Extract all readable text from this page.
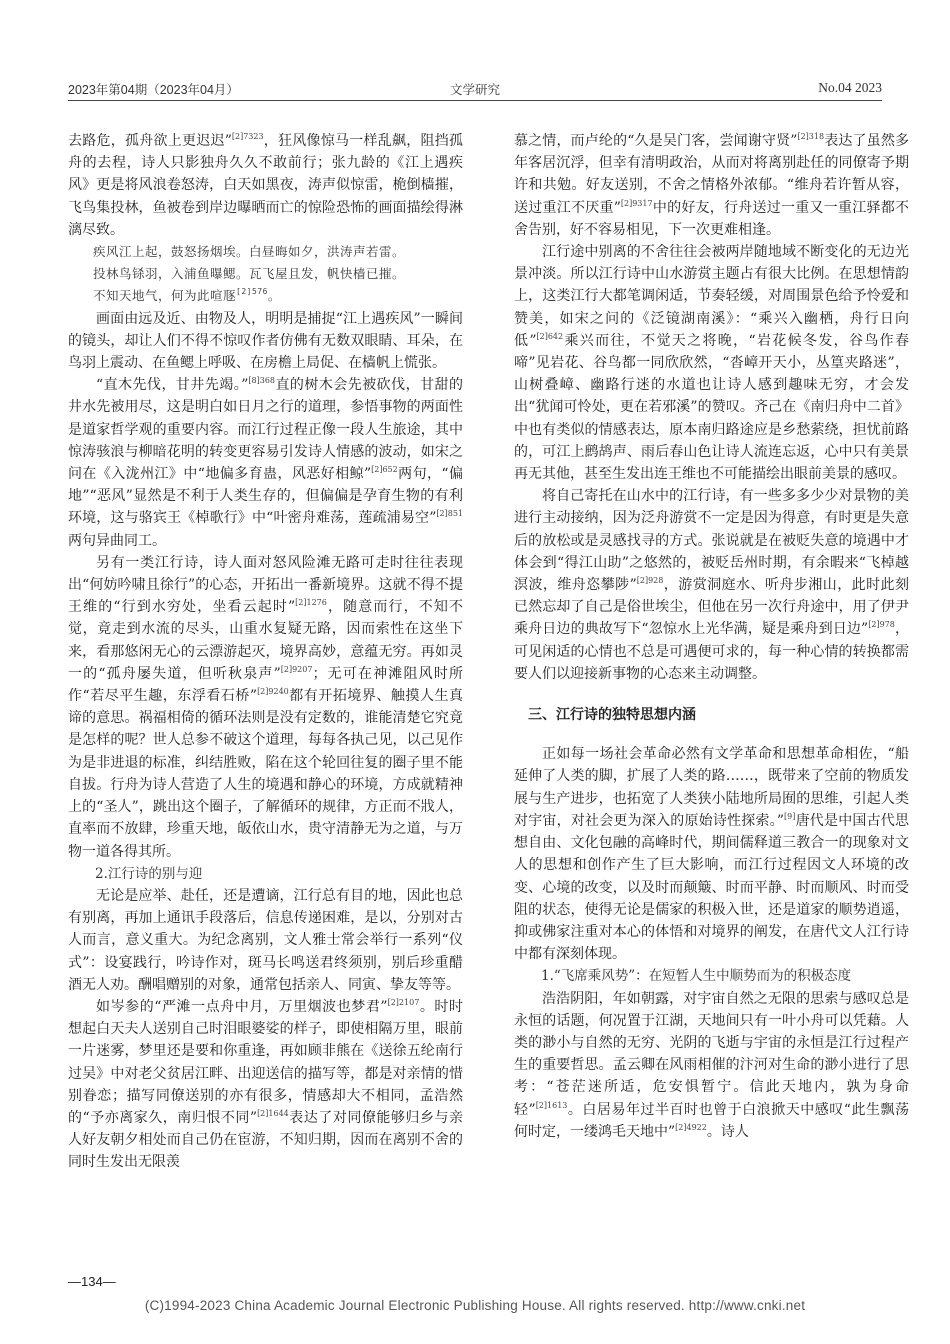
2023年第04期（2023年04月）	文学研究	No.04 2023

去路危，孤舟欲上更迟迟”$^{[2]7323}$，狂风像惊马一样乱飙，阻挡孤舟的去程，诗人只影独舟久久不敢前行；张九龄的《江上遇疾风》更是将风浪卷怒涛，白天如黑夜，涛声似惊雷，桅倒樯摧，飞鸟集投林，鱼被卷到岸边曝晒而亡的惊险恐怖的画面描绘得淋漓尽致。

疾风江上起，鼓怒扬烟埃。白昼晦如夕，洪涛声若雷。

投林鸟铩羽，入浦鱼曝鳃。瓦飞屋且发，帆快樯已摧。

不知天地气，何为此喧豗$^{[2]576}$。

画面由远及近、由物及人，明明是捕捉“江上遇疾风”一瞬间的镜头，却让人们不得不惊叹作者仿佛有无数双眼睛、耳朵，在鸟羽上震动、在鱼鳃上呼吸、在房檐上局促、在樯帆上慌张。

“直木先伐，甘井先竭。”$^{[8]368}$直的树木会先被砍伐，甘甜的井水先被用尽，这是明白如日月之行的道理，参悟事物的两面性是道家哲学观的重要内容。而江行过程正像一段人生旅途，其中惊涛骇浪与柳暗花明的转变更容易引发诗人情感的波动，如宋之问在《入泷州江》中“地偏多育蛊，风恶好相鲸”$^{[2]652}$两句，“偏地”“恶风”显然是不利于人类生存的，但偏偏是孕育生物的有利环境，这与骆宾王《棹歌行》中“叶密舟难荡，莲疏浦易空”$^{[2]851}$两句异曲同工。

另有一类江行诗，诗人面对怒风险滩无路可走时往往表现出“何妨吟啸且徐行”的心态，开拓出一番新境界。这就不得不提王维的“行到水穷处，坐看云起时”$^{[2]1276}$，随意而行，不知不觉，竟走到水流的尽头，山重水复疑无路，因而索性在这坐下来，看那悠闲无心的云漂游起灭，境界高妙，意蕴无穷。再如灵一的“孤舟屡失道，但听秋泉声”$^{[2]9207}$；无可在神滩阻风时所作“若尽平生趣，东浮看石桥”$^{[2]9240}$都有开拓境界、触摸人生真谛的意思。祸福相倚的循环法则是没有定数的，谁能清楚它究竟是怎样的呢？世人总参不破这个道理，每每各执己见，以己见作为是非进退的标准，纠结胜败，陷在这个轮回往复的圈子里不能自拔。行舟为诗人营造了人生的境遇和静心的环境，方成就精神上的“圣人”，跳出这个圈子，了解循环的规律，方正而不戕人，直率而不放肆，珍重天地，皈依山水，贵守清静无为之道，与万物一道各得其所。

2.江行诗的别与迎

无论是应举、赴任，还是遭谪，江行总有目的地，因此也总有别离，再加上通讯手段落后，信息传递困难，是以，分别对古人而言，意义重大。为纪念离别，文人雅士常会举行一系列“仪式”：设宴践行，吟诗作对，斑马长鸣送君终须别，别后珍重醋酒无人劝。酬唱赠别的对象，通常包括亲人、同寅、挚友等等。

如岑参的“严滩一点舟中月，万里烟波也梦君”$^{[2]2107}$。时时想起白天夫人送别自己时泪眼婆娑的样子，即使相隔万里，眼前一片迷雾，梦里还是要和你重逢，再如顾非熊在《送徐五纶南行过吴》中对老父贫居江畔、出迎送信的描写等，都是对亲情的惜别眷恋；描写同僚送别的亦有很多，情感却大不相同，孟浩然的“予亦离家久，南归恨不同”$^{[2]1644}$表达了对同僚能够归乡与亲人好友朝夕相处而自己仍在宦游，不知归期，因而在离别不舍的同时生发出无限羡

慕之情，而卢纶的“久是吴门客，尝闻谢守贤”$^{[2]318}$表达了虽然多年客居沉浮，但幸有清明政治，从而对将离别赴任的同僚寄予期许和共勉。好友送别，不舍之情格外浓郁。“维舟若许暂从容，送过重江不厌重”$^{[2]9317}$中的好友，行舟送过一重又一重江驿都不舍告别，好不容易相见，下一次更难相逢。

江行途中别离的不舍往往会被两岸随地域不断变化的无边光景冲淡。所以江行诗中山水游赏主题占有很大比例。在思想情韵上，这类江行大都笔调闲适，节奏轻缓，对周围景色给予怜爱和赞美，如宋之问的《泛镜湖南溪》：“乘兴入幽栖，舟行日向低”$^{[2]642}$乘兴而往，不觉天之将晚，“岩花候冬发，谷鸟作春啼”见岩花、谷鸟都一同欣欣然，“沓嶂开天小，丛篁夹路迷”，山树叠嶂、幽路行迷的水道也让诗人感到趣味无穷，才会发出“犹闻可怜处，更在若邪溪”的赞叹。齐己在《南归舟中二首》中也有类似的情感表达，原本南归路途应是乡愁萦绕，担忧前路的，可江上鹧鸪声、雨后春山色让诗人流连忘返，心中只有美景再无其他，甚至生发出连王维也不可能描绘出眼前美景的感叹。

将自己寄托在山水中的江行诗，有一些多多少少对景物的美进行主动接纳，因为泛舟游赏不一定是因为得意，有时更是失意后的放松或是灵感找寻的方式。张说就是在被贬失意的境遇中才体会到“得江山助”之悠然的，被贬岳州时期，有余暇来“飞棹越溟波，维舟恣攀陟”$^{[2]928}$，游赏洞庭水、听舟步湘山，此时此刻已然忘却了自己是俗世埃尘，但他在另一次行舟途中，用了伊尹乘舟日边的典故写下“忽惊水上光华满，疑是乘舟到日边”$^{[2]978}$，可见闲适的心情也不总是可遇便可求的，每一种心情的转换都需要人们以迎接新事物的心态来主动调整。

三、江行诗的独特思想内涵

正如每一场社会革命必然有文学革命和思想革命相佐，“船延伸了人类的脚，扩展了人类的路……，既带来了空前的物质发展与生产进步，也拓宽了人类狭小陆地所局囿的思维，引起人类对宇宙，对社会更为深入的原始诗性探索。”[9]唐代是中国古代思想自由、文化包融的高峰时代，期间儒释道三教合一的现象对文人的思想和创作产生了巨大影响，而江行过程因文人环境的改变、心境的改变，以及时而颠簸、时而平静、时而顺风、时而受阻的状态，使得无论是儒家的积极入世，还是道家的顺势逍遥，抑或佛家注重对本心的体悟和对境界的阐发，在唐代文人江行诗中都有深刻体现。

1.“飞席乘风势”：在短暂人生中顺势而为的积极态度

浩浩阴阳，年如朝露，对宇宙自然之无限的思索与感叹总是永恒的话题，何况置于江湖，天地间只有一叶小舟可以凭藉。人类的渺小与自然的无穷、光阴的飞逝与宇宙的永恒是江行过程产生的重要哲思。孟云卿在风雨相催的汴河对生命的渺小进行了思考：“苍茫迷所适，危安惧暂宁。信此天地内，孰为身命轻”$^{[2]1613}$。白居易年过半百时也曾于白浪掀天中感叹“此生飘荡何时定，一缕鸿毛天地中”$^{[2]4922}$。诗人

—134—
(C)1994-2023 China Academic Journal Electronic Publishing House. All rights reserved. http://www.cnki.net
